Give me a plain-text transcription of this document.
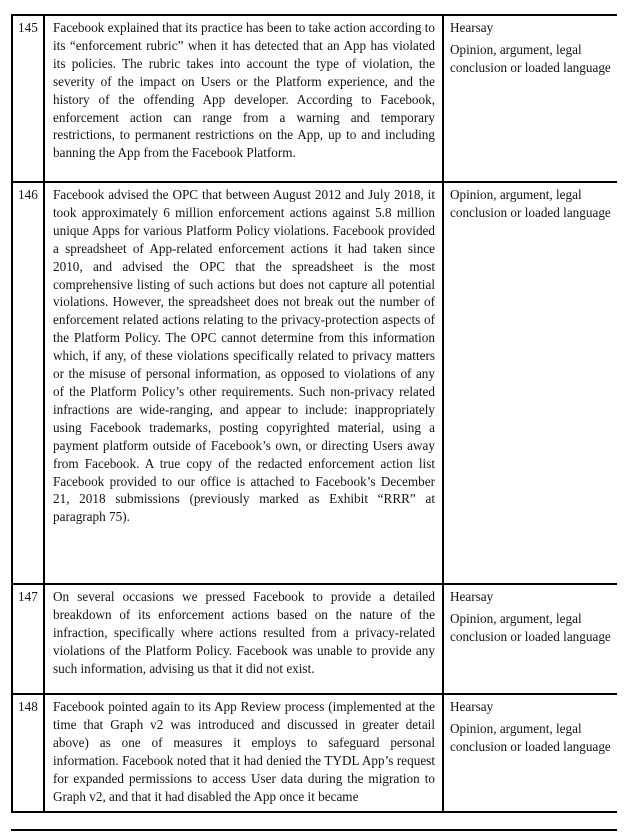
145	Facebook explained that its practice has been to take action according to its “enforcement rubric” when it has detected that an App has violated its policies. The rubric takes into account the type of violation, the severity of the impact on Users or the Platform experience, and the history of the offending App developer. According to Facebook, enforcement action can range from a warning and temporary restrictions, to permanent restrictions on the App, up to and including banning the App from the Facebook Platform.	Hearsay

Opinion, argument, legal conclusion or loaded language

146	Facebook advised the OPC that between August 2012 and July 2018, it took approximately 6 million enforcement actions against 5.8 million unique Apps for various Platform Policy violations. Facebook provided a spreadsheet of App-related enforcement actions it had taken since 2010, and advised the OPC that the spreadsheet is the most comprehensive listing of such actions but does not capture all potential violations. However, the spreadsheet does not break out the number of enforcement related actions relating to the privacy-protection aspects of the Platform Policy. The OPC cannot determine from this information which, if any, of these violations specifically related to privacy matters or the misuse of personal information, as opposed to violations of any of the Platform Policy’s other requirements. Such non-privacy related infractions are wide-ranging, and appear to include: inappropriately using Facebook trademarks, posting copyrighted material, using a payment platform outside of Facebook’s own, or directing Users away from Facebook. A true copy of the redacted enforcement action list Facebook provided to our office is attached to Facebook’s December 21, 2018 submissions (previously marked as Exhibit “RRR” at paragraph 75).	Opinion, argument, legal conclusion or loaded language

147	On several occasions we pressed Facebook to provide a detailed breakdown of its enforcement actions based on the nature of the infraction, specifically where actions resulted from a privacy-related violations of the Platform Policy. Facebook was unable to provide any such information, advising us that it did not exist.	Hearsay

Opinion, argument, legal conclusion or loaded language

148	Facebook pointed again to its App Review process (implemented at the time that Graph v2 was introduced and discussed in greater detail above) as one of measures it employs to safeguard personal information. Facebook noted that it had denied the TYDL App’s request for expanded permissions to access User data during the migration to Graph v2, and that it had disabled the App once it became	Hearsay

Opinion, argument, legal conclusion or loaded language
